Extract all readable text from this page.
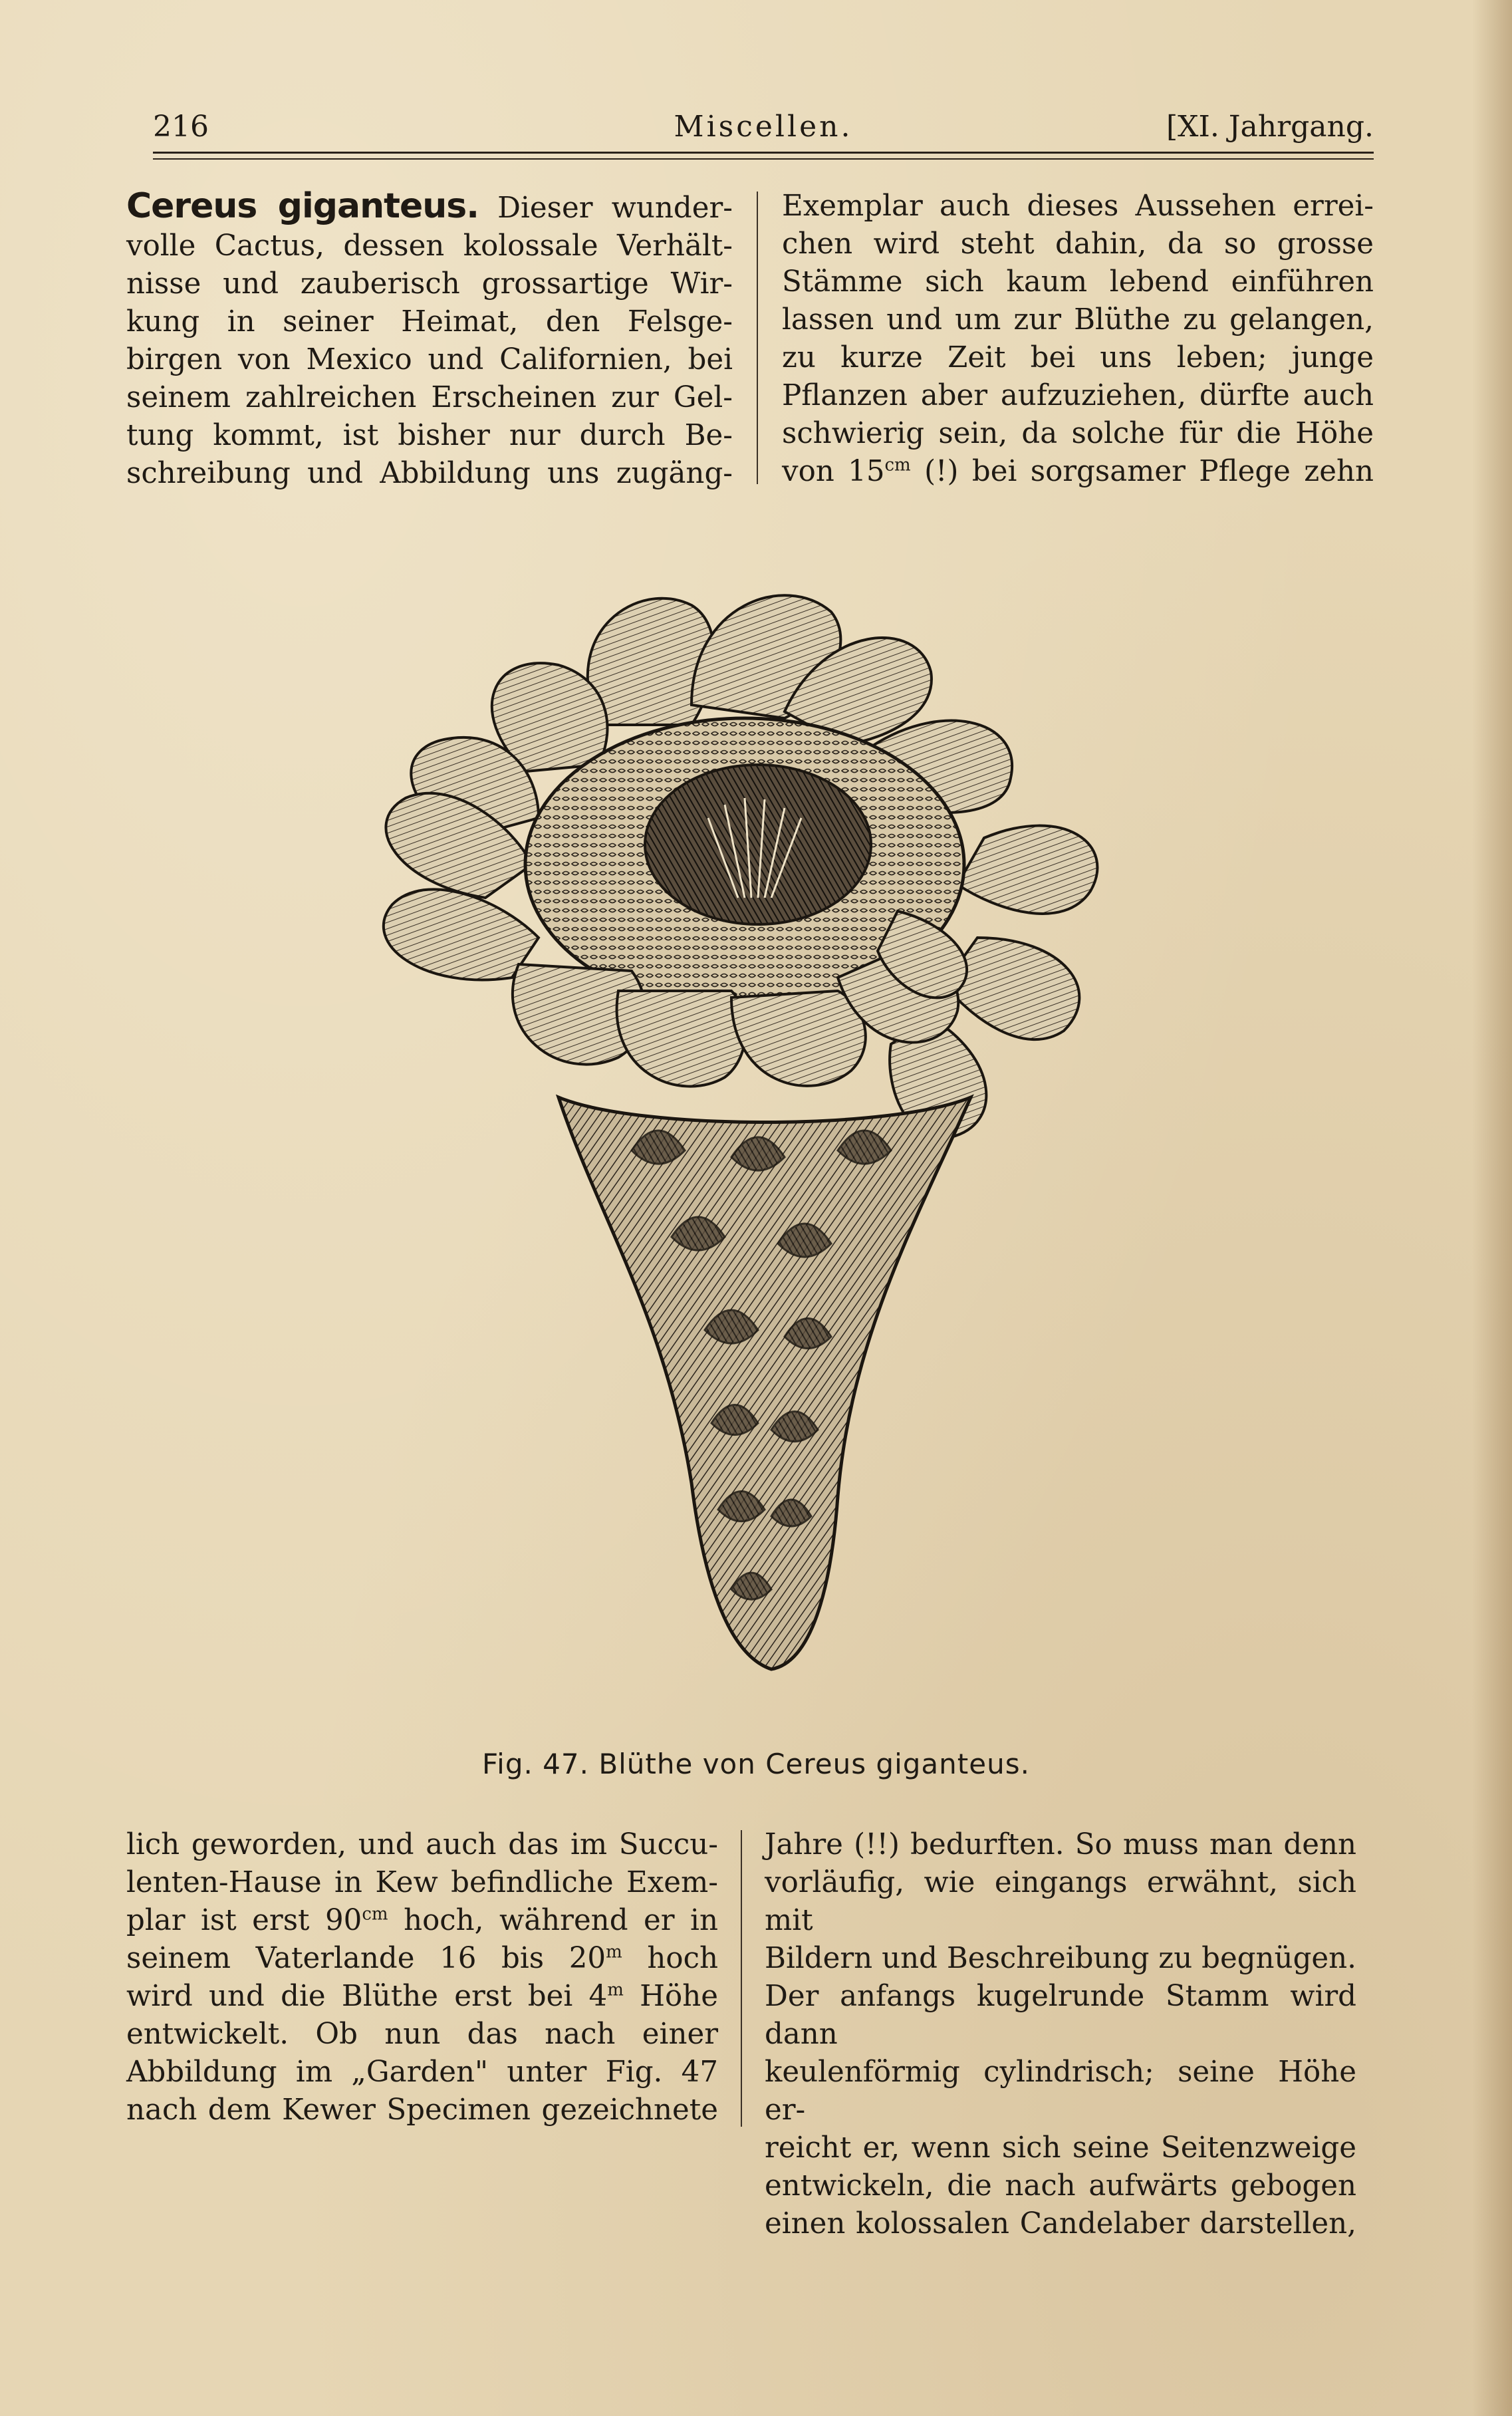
216	Miscellen.	[XI. Jahrgang.

Cereus giganteus. Dieser wunder-

volle Cactus, dessen kolossale Verhält-

nisse und zauberisch grossartige Wir-

kung in seiner Heimat, den Felsge-

birgen von Mexico und Californien, bei

seinem zahlreichen Erscheinen zur Gel-

tung kommt, ist bisher nur durch Be-

schreibung und Abbildung uns zugäng-

Exemplar auch dieses Aussehen errei-

chen wird steht dahin, da so grosse

Stämme sich kaum lebend einführen

lassen und um zur Blüthe zu gelangen,

zu kurze Zeit bei uns leben; junge

Pflanzen aber aufzuziehen, dürfte auch

schwierig sein, da solche für die Höhe

von $15^{cm}$ (!) bei sorgsamer Pflege zehn

Fig. 47. Blüthe von Cereus giganteus.

lich geworden, und auch das im Succu-

lenten-Hause in Kew befindliche Exem-

plar ist erst $90^{cm}$ hoch, während er in

seinem Vaterlande 16 bis 20$^m$ hoch

wird und die Blüthe erst bei 4$^m$ Höhe

entwickelt. Ob nun das nach einer

Abbildung im „Garden" unter Fig. 47

nach dem Kewer Specimen gezeichnete

Jahre (!!) bedurften. So muss man denn

vorläufig, wie eingangs erwähnt, sich mit

Bildern und Beschreibung zu begnügen.

Der anfangs kugelrunde Stamm wird dann

keulenförmig cylindrisch; seine Höhe er-

reicht er, wenn sich seine Seitenzweige

entwickeln, die nach aufwärts gebogen

einen kolossalen Candelaber darstellen,
